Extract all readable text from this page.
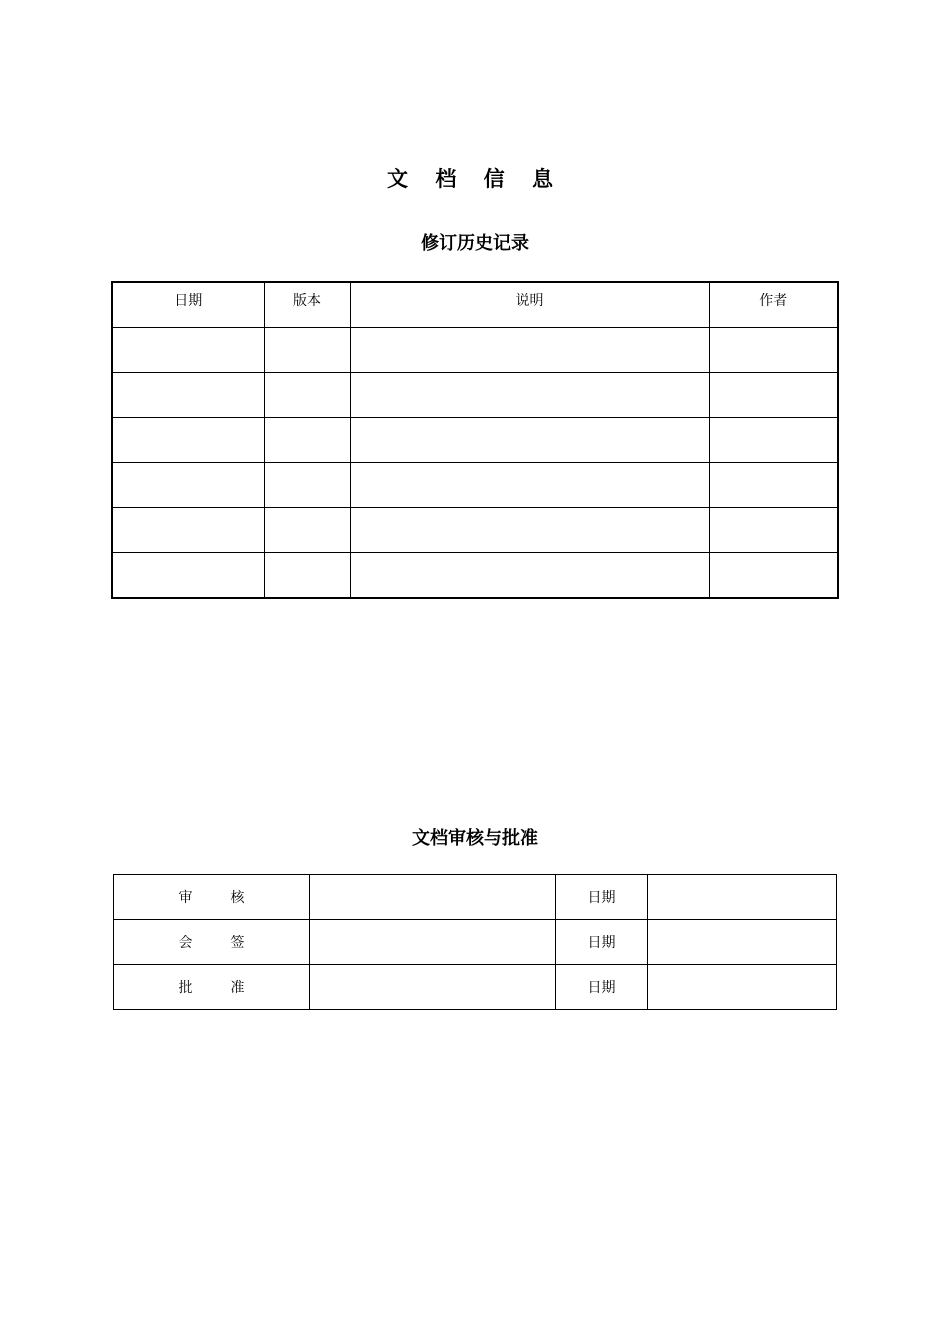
文 档 信 息
修订历史记录
日期	版本	说明	作者

文档审核与批准
审 核		日期	
会 签		日期	
批 准		日期	
